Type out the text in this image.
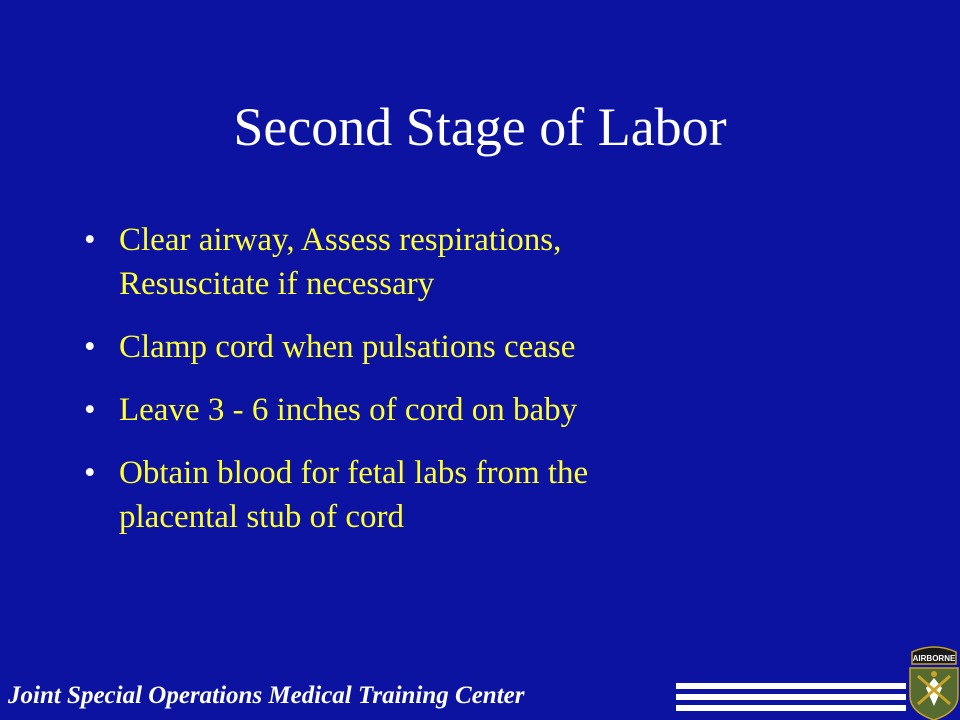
Second Stage of Labor
• Clear airway, Assess respirations,
Resuscitate if necessary
• Clamp cord when pulsations cease
• Leave 3 - 6 inches of cord on baby
• Obtain blood for fetal labs from the
placental stub of cord
Joint Special Operations Medical Training Center
AIRBORNE
